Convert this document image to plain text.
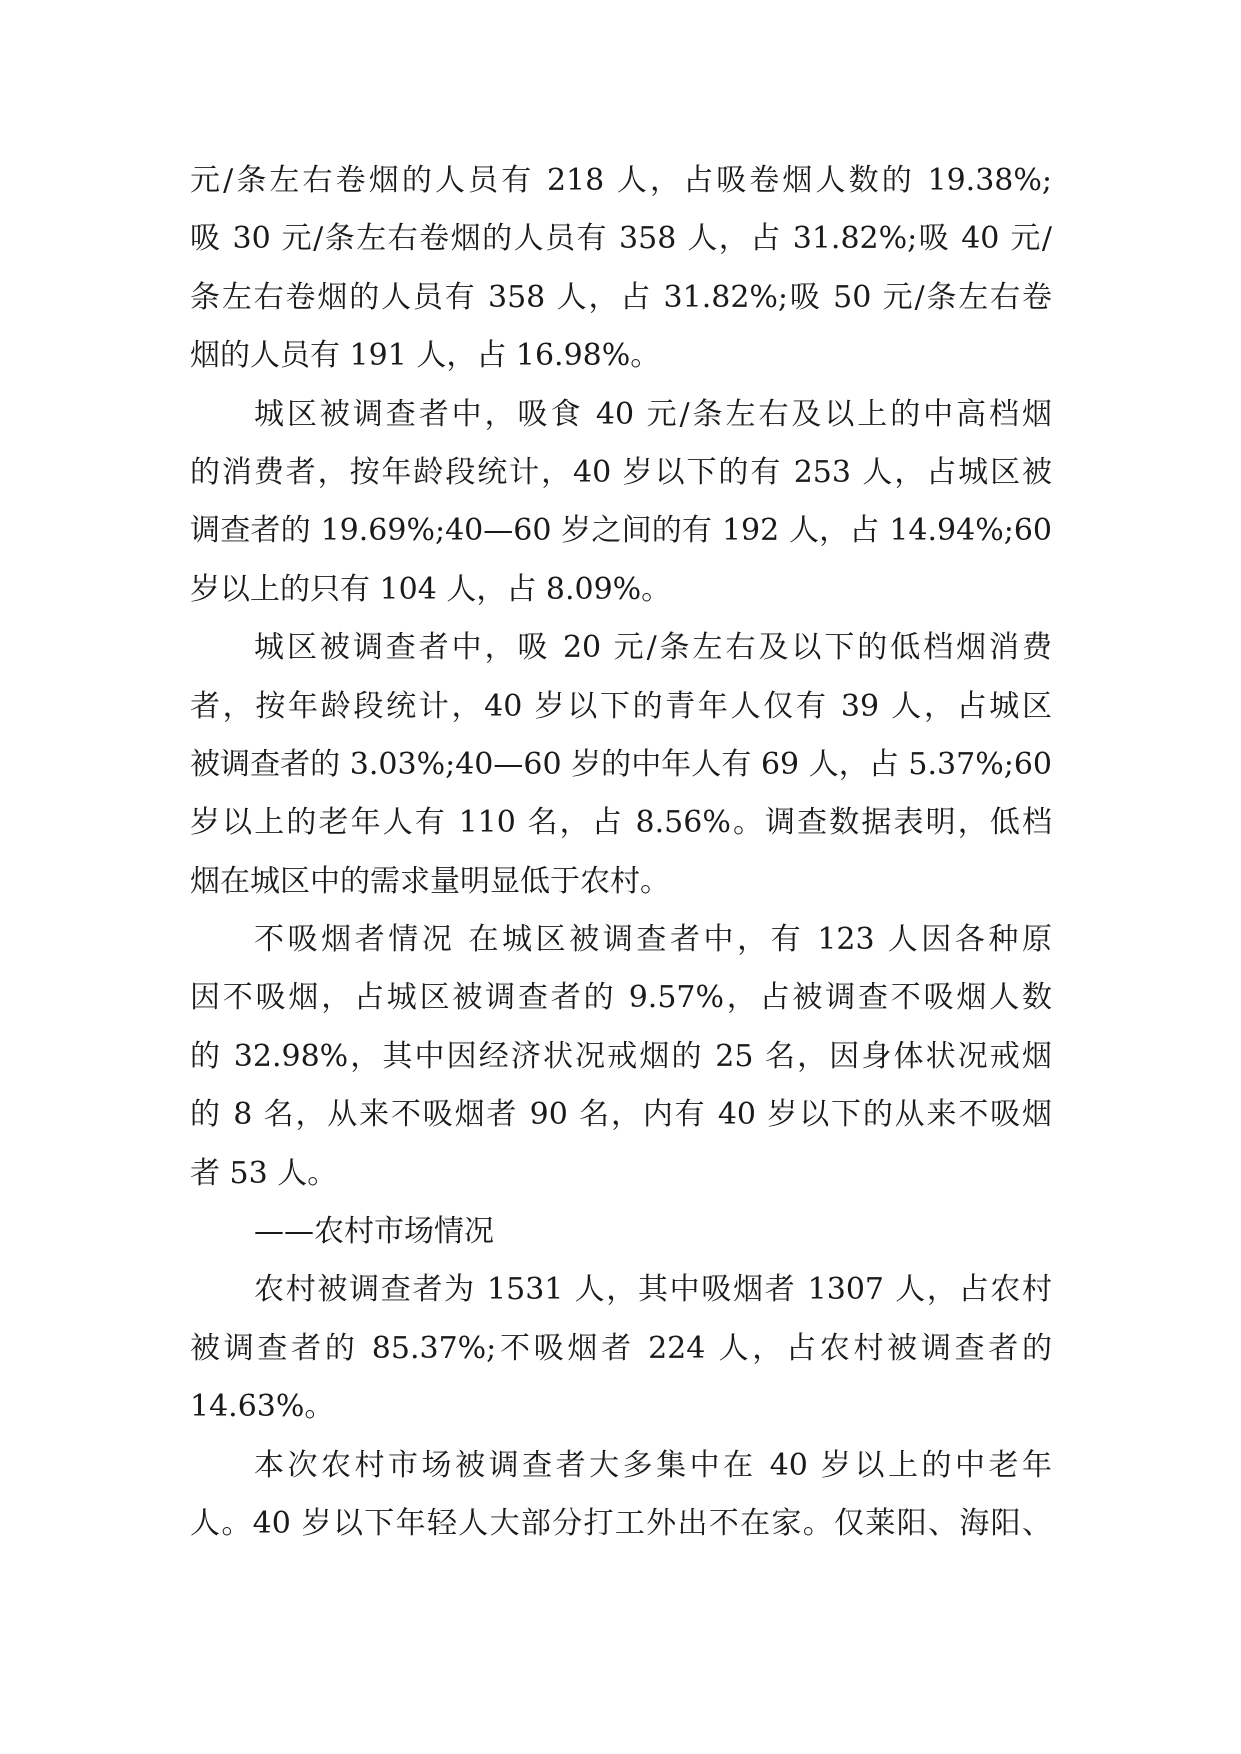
元/条左右卷烟的人员有 218 人，占吸卷烟人数的 19.38%;
吸 30 元/条左右卷烟的人员有 358 人，占 31.82%;吸 40 元/
条左右卷烟的人员有 358 人，占 31.82%;吸 50 元/条左右卷
烟的人员有 191 人，占 16.98%。
城区被调查者中，吸食 40 元/条左右及以上的中高档烟
的消费者，按年龄段统计，40 岁以下的有 253 人，占城区被
调查者的 19.69%;40—60 岁之间的有 192 人，占 14.94%;60
岁以上的只有 104 人，占 8.09%。
城区被调查者中，吸 20 元/条左右及以下的低档烟消费
者，按年龄段统计，40 岁以下的青年人仅有 39 人，占城区
被调查者的 3.03%;40—60 岁的中年人有 69 人，占 5.37%;60
岁以上的老年人有 110 名，占 8.56%。调查数据表明，低档
烟在城区中的需求量明显低于农村。
不吸烟者情况 在城区被调查者中，有 123 人因各种原
因不吸烟，占城区被调查者的 9.57%，占被调查不吸烟人数
的 32.98%，其中因经济状况戒烟的 25 名，因身体状况戒烟
的 8 名，从来不吸烟者 90 名，内有 40 岁以下的从来不吸烟
者 53 人。
——农村市场情况
农村被调查者为 1531 人，其中吸烟者 1307 人，占农村
被调查者的 85.37%;不吸烟者 224 人，占农村被调查者的
14.63%。
本次农村市场被调查者大多集中在 40 岁以上的中老年
人。40 岁以下年轻人大部分打工外出不在家。仅莱阳、海阳、
